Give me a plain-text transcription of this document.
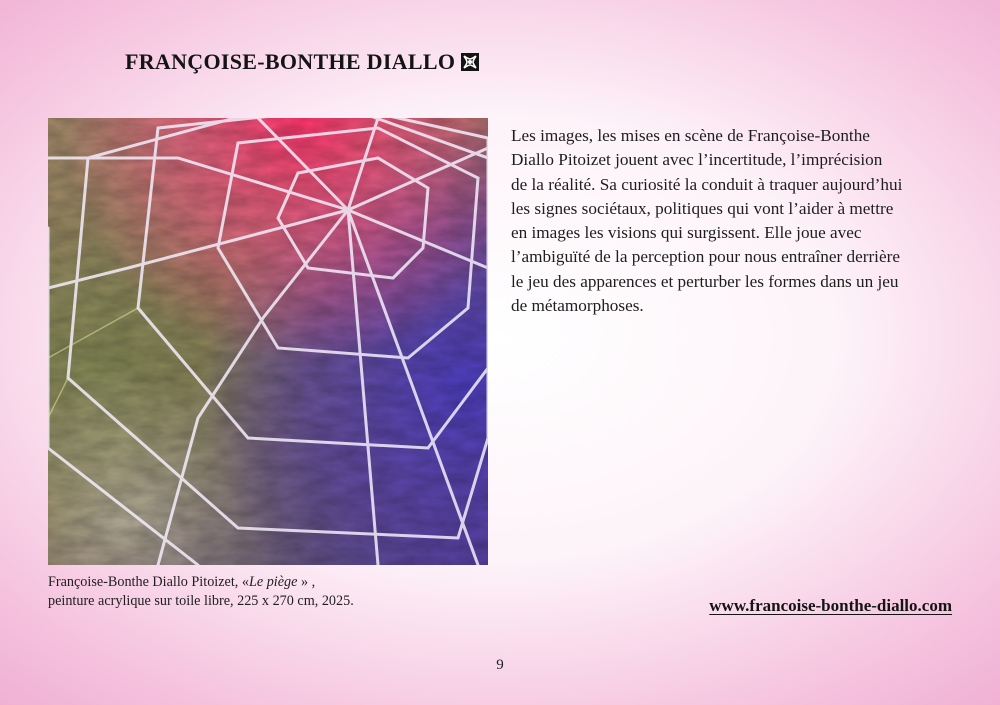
FRANÇOISE-BONTHE DIALLO
Les images, les mises en scène de Françoise-Bonthe
Diallo Pitoizet jouent avec l’incertitude, l’imprécision
de la réalité. Sa curiosité la conduit à traquer aujourd’hui
les signes sociétaux, politiques qui vont l’aider à mettre
en images les visions qui surgissent. Elle joue avec
l’ambiguïté de la perception pour nous entraîner derrière
le jeu des apparences et perturber les formes dans un jeu
de métamorphoses.
Françoise-Bonthe Diallo Pitoizet, «Le piège » ,
peinture acrylique sur toile libre, 225 x 270 cm, 2025.	www.francoise-bonthe-diallo.com
9
